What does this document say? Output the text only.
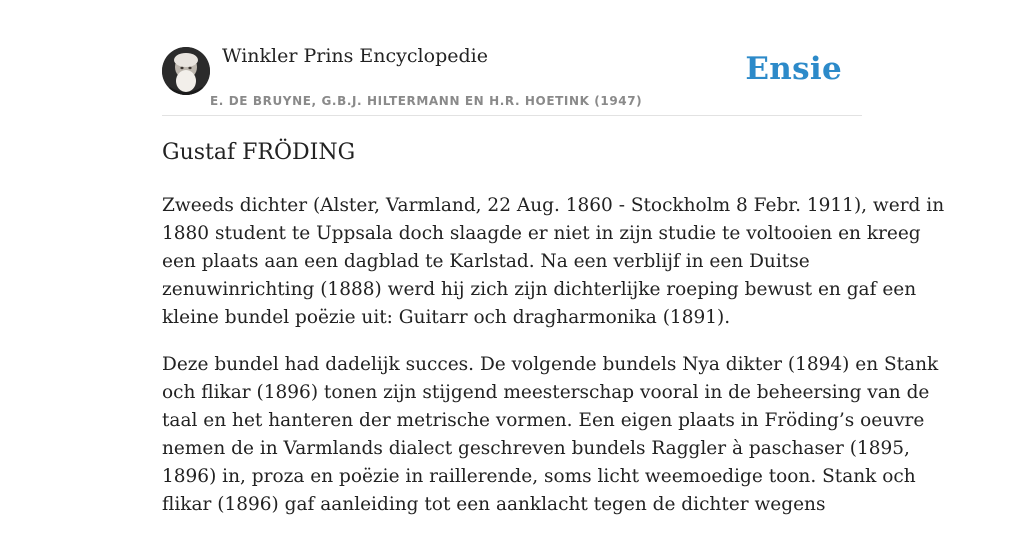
Winkler Prins Encyclopedie	Ensie
E. DE BRUYNE, G.B.J. HILTERMANN EN H.R. HOETINK (1947)
Gustaf FRÖDING

Zweeds dichter (Alster, Varmland, 22 Aug. 1860 - Stockholm 8 Febr. 1911), werd in
1880 student te Uppsala doch slaagde er niet in zijn studie te voltooien en kreeg
een plaats aan een dagblad te Karlstad. Na een verblijf in een Duitse
zenuwinrichting (1888) werd hij zich zijn dichterlijke roeping bewust en gaf een
kleine bundel poëzie uit: Guitarr och dragharmonika (1891).

Deze bundel had dadelijk succes. De volgende bundels Nya dikter (1894) en Stank
och flikar (1896) tonen zijn stijgend meesterschap vooral in de beheersing van de
taal en het hanteren der metrische vormen. Een eigen plaats in Fröding’s oeuvre
nemen de in Varmlands dialect geschreven bundels Raggler à paschaser (1895,
1896) in, proza en poëzie in raillerende, soms licht weemoedige toon. Stank och
flikar (1896) gaf aanleiding tot een aanklacht tegen de dichter wegens
